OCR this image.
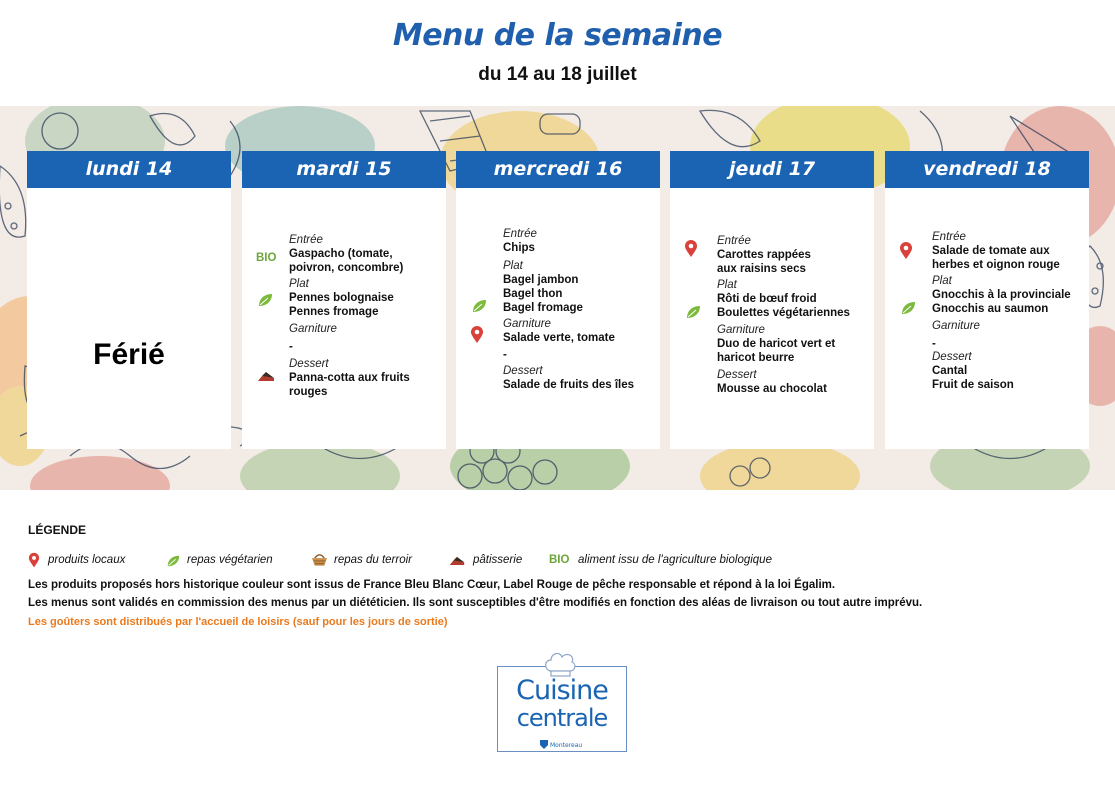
Menu de la semaine
du 14 au 18 juillet
lundi 14
Férié
mardi 15
BIO
Entrée
Gaspacho (tomate,
poivron, concombre)
Plat
Pennes bolognaise
Pennes fromage
Garniture
-
Dessert
Panna-cotta aux fruits
rouges
mercredi 16
Entrée
Chips
Plat
Bagel jambon
Bagel thon
Bagel fromage
Garniture
Salade verte, tomate
-
Dessert
Salade de fruits des îles
jeudi 17
Entrée
Carottes rappées
aux raisins secs
Plat
Rôti de bœuf froid
Boulettes végétariennes
Garniture
Duo de haricot vert et
haricot beurre
Dessert
Mousse au chocolat
vendredi 18
Entrée
Salade de tomate aux
herbes et oignon rouge
Plat
Gnocchis à la provinciale
Gnocchis au saumon
Garniture
-
Dessert
Cantal
Fruit de saison
LÉGENDE
produits locaux	repas végétarien	repas du terroir	pâtisserie BIO aliment issu de l'agriculture biologique
Les produits proposés hors historique couleur sont issus de France Bleu Blanc Cœur, Label Rouge de pêche responsable et répond à la loi Égalim.
Les menus sont validés en commission des menus par un diététicien. Ils sont susceptibles d'être modifiés en fonction des aléas de livraison ou tout autre imprévu.
Les goûters sont distribués par l'accueil de loisirs (sauf pour les jours de sortie)
Cuisine
centrale
Montereau
